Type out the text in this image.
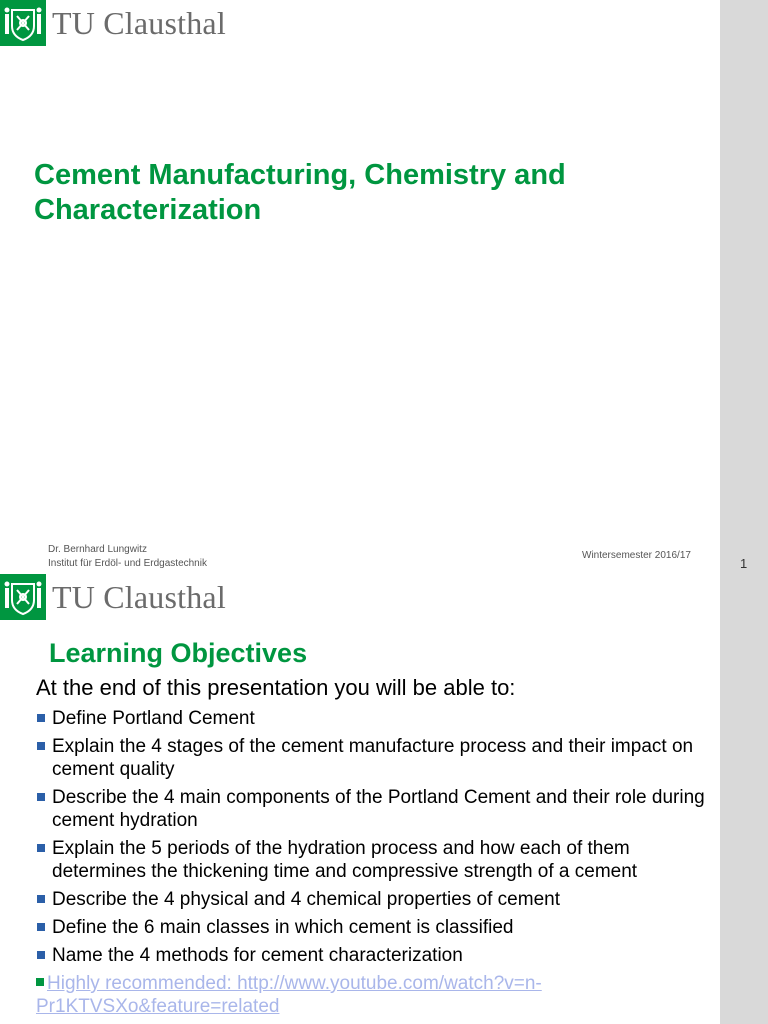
TU Clausthal
Cement Manufacturing, Chemistry and Characterization
Dr. Bernhard Lungwitz
Institut für Erdöl- und Erdgastechnik
Wintersemester 2016/17
1
TU Clausthal
Learning Objectives
At the end of this presentation you will be able to:
Define Portland Cement
Explain the 4 stages of the cement manufacture process and their impact on cement quality
Describe the 4 main components of the Portland Cement and their role during cement hydration
Explain the 5 periods of the hydration process and how each of them determines the thickening time and compressive strength of a cement
Describe the 4 physical and 4 chemical properties of cement
Define the 6 main classes in which cement is classified
Name the 4 methods for cement characterization
Highly recommended: http://www.youtube.com/watch?v=n-Pr1KTVSXo&feature=related
